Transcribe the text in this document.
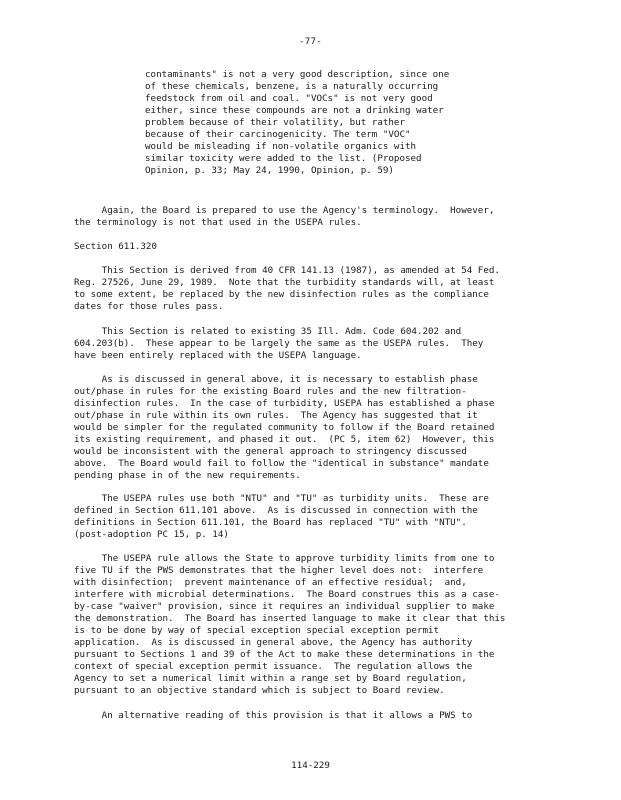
-77-
contaminants" is not a very good description, since one
of these chemicals, benzene, is a naturally occurring
feedstock from oil and coal. "VOCs" is not very good
either, since these compounds are not a drinking water
problem because of their volatility, but rather
because of their carcinogenicity. The term "VOC"
would be misleading if non-volatile organics with
similar toxicity were added to the list. (Proposed
Opinion, p. 33; May 24, 1990, Opinion, p. 59)
Again, the Board is prepared to use the Agency's terminology.  However,
the terminology is not that used in the USEPA rules.
Section 611.320
This Section is derived from 40 CFR 141.13 (1987), as amended at 54 Fed.
Reg. 27526, June 29, 1989.  Note that the turbidity standards will, at least
to some extent, be replaced by the new disinfection rules as the compliance
dates for those rules pass.
This Section is related to existing 35 Ill. Adm. Code 604.202 and
604.203(b).  These appear to be largely the same as the USEPA rules.  They
have been entirely replaced with the USEPA language.
As is discussed in general above, it is necessary to establish phase
out/phase in rules for the existing Board rules and the new filtration-
disinfection rules.  In the case of turbidity, USEPA has established a phase
out/phase in rule within its own rules.  The Agency has suggested that it
would be simpler for the regulated community to follow if the Board retained
its existing requirement, and phased it out.  (PC 5, item 62)  However, this
would be inconsistent with the general approach to stringency discussed
above.  The Board would fail to follow the "identical in substance" mandate
pending phase in of the new requirements.
The USEPA rules use both "NTU" and "TU" as turbidity units.  These are
defined in Section 611.101 above.  As is discussed in connection with the
definitions in Section 611.101, the Board has replaced "TU" with "NTU".
(post-adoption PC 15, p. 14)
The USEPA rule allows the State to approve turbidity limits from one to
five TU if the PWS demonstrates that the higher level does not:  interfere
with disinfection;  prevent maintenance of an effective residual;  and,
interfere with microbial determinations.  The Board construes this as a case-
by-case "waiver" provision, since it requires an individual supplier to make
the demonstration.  The Board has inserted language to make it clear that this
is to be done by way of special exception special exception permit
application.  As is discussed in general above, the Agency has authority
pursuant to Sections 1 and 39 of the Act to make these determinations in the
context of special exception permit issuance.  The regulation allows the
Agency to set a numerical limit within a range set by Board regulation,
pursuant to an objective standard which is subject to Board review.
An alternative reading of this provision is that it allows a PWS to
114-229
